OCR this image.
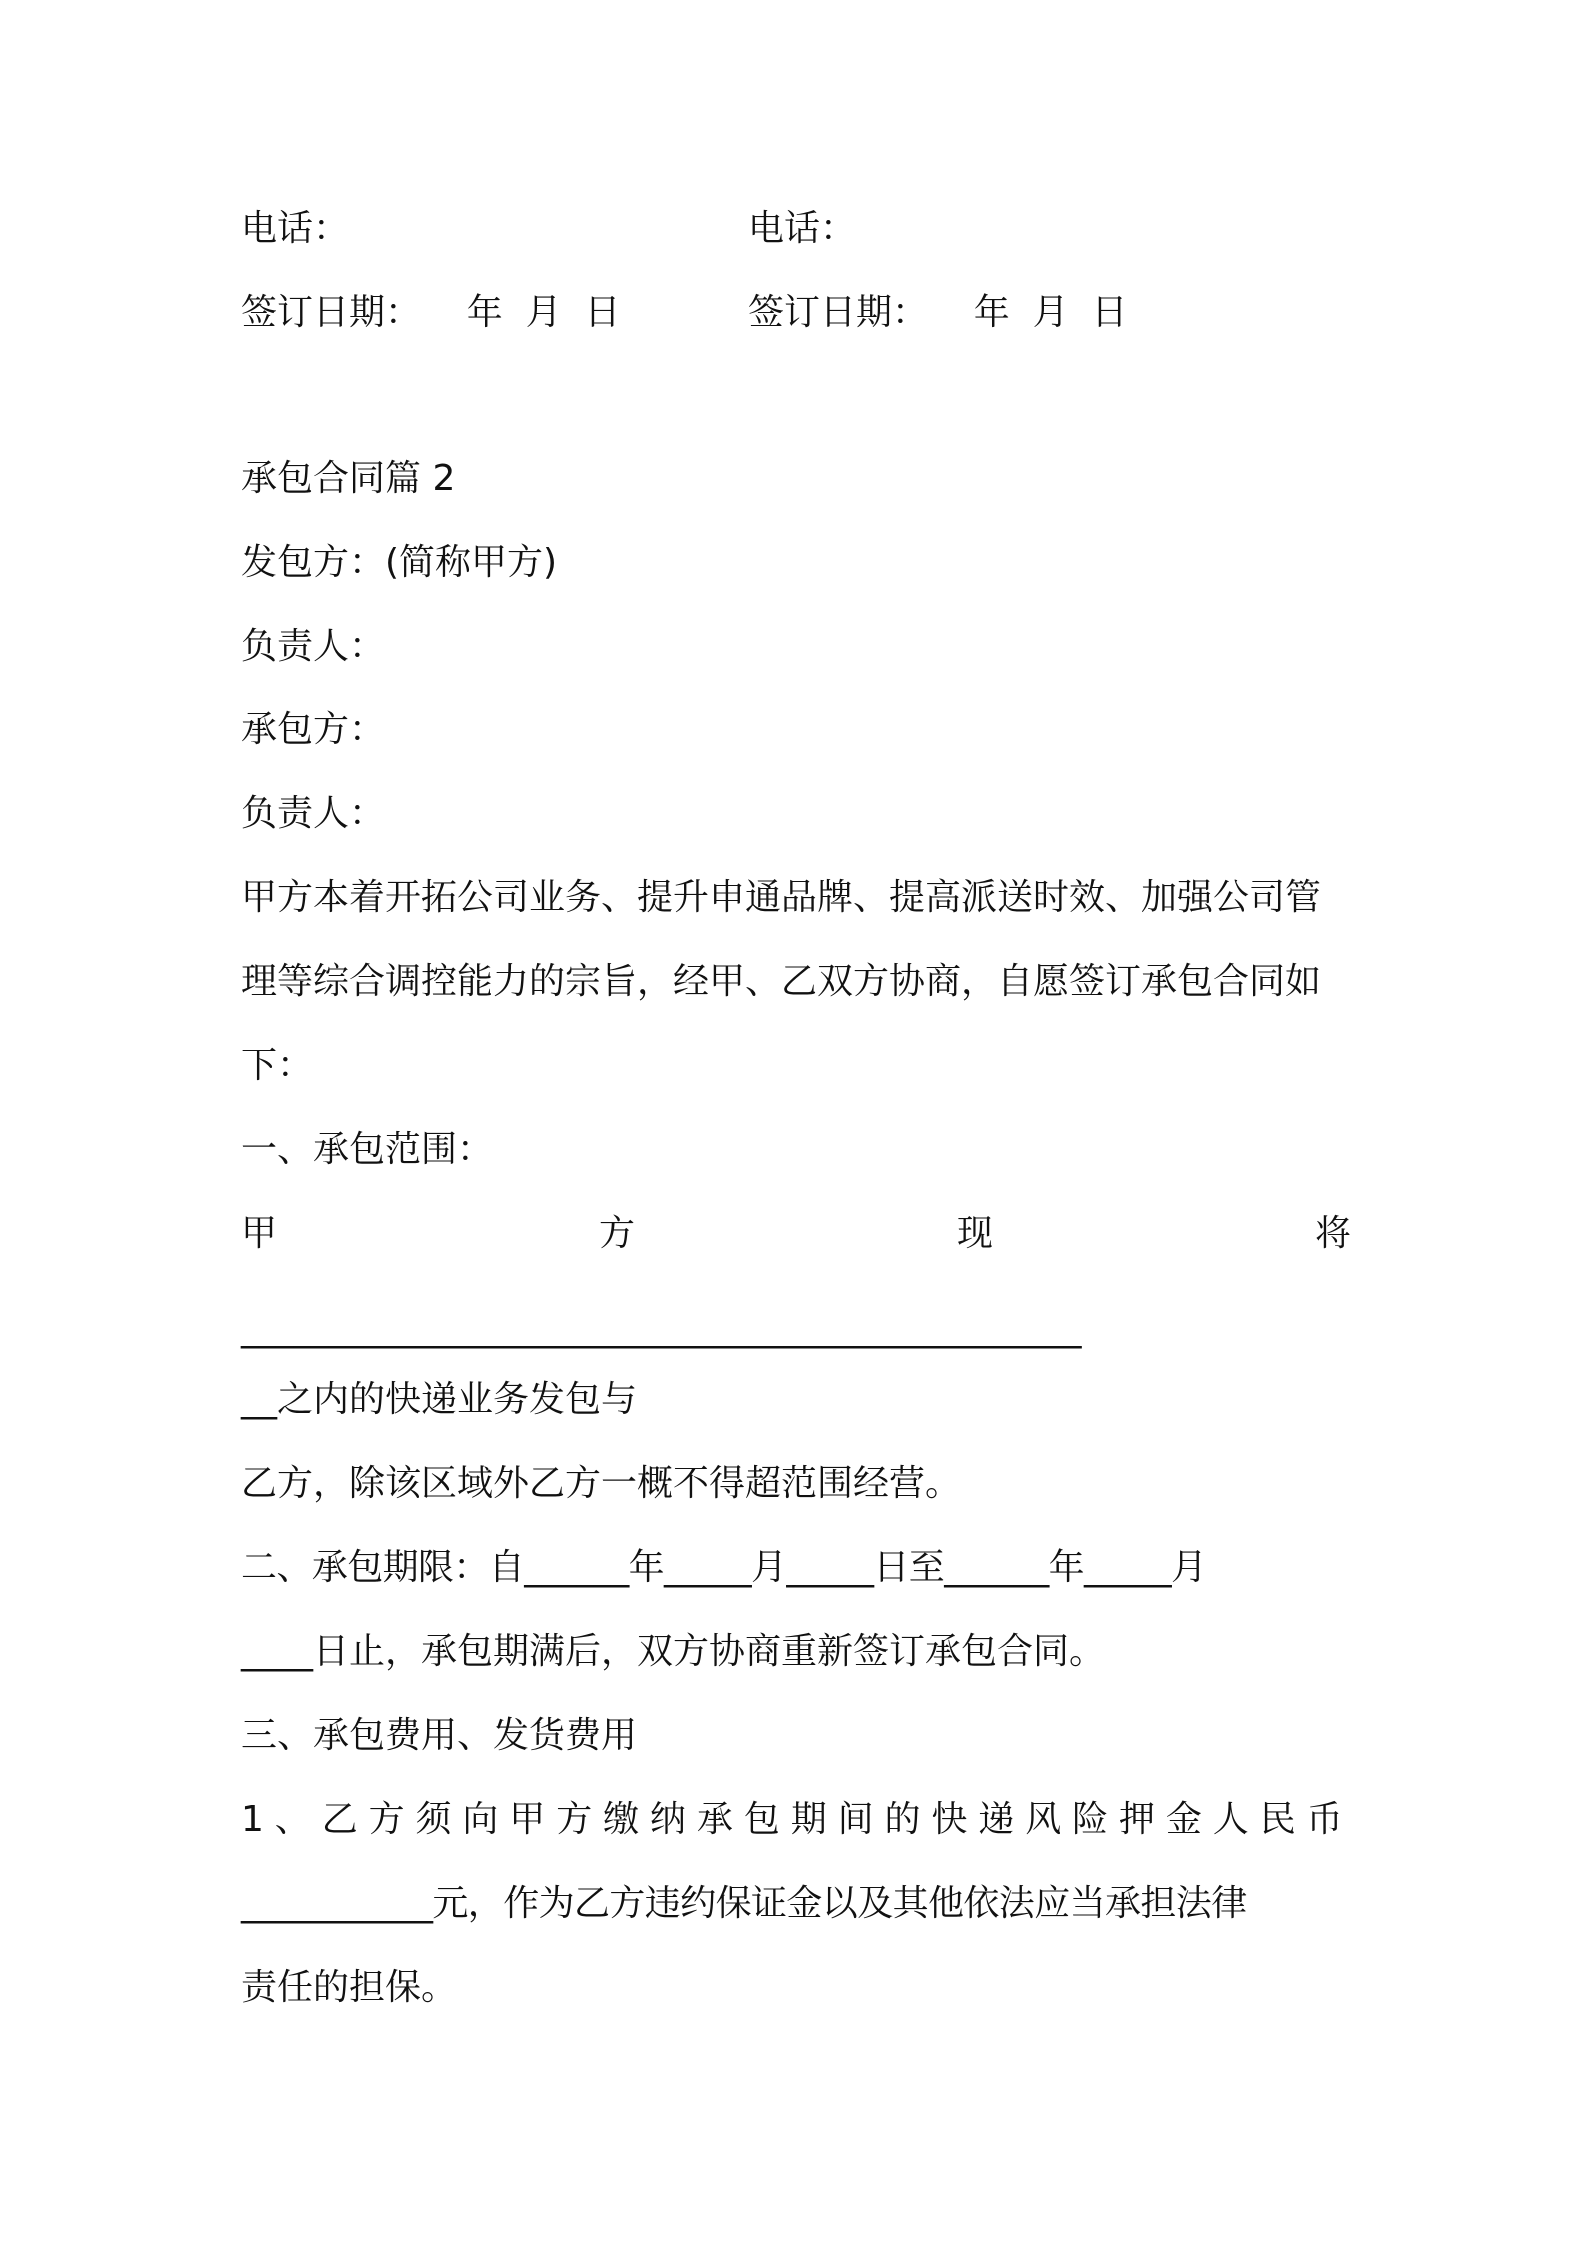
电话：	电话：
签订日期：    年  月  日	签订日期：    年  月  日
承包合同篇 2
发包方：(简称甲方)
负责人：
承包方：
负责人：
甲方本着开拓公司业务、提升申通品牌、提高派送时效、加强公司管
理等综合调控能力的宗旨，经甲、乙双方协商，自愿签订承包合同如
下：
一、承包范围：
甲	方	现	将
________________________________________________
__之内的快递业务发包与
乙方，除该区域外乙方一概不得超范围经营。
二、承包期限：自______年_____月_____日至______年_____月
____日止，承包期满后，双方协商重新签订承包合同。
三、承包费用、发货费用
1、乙方须向甲方缴纳承包期间的快递风险押金人民币
___________元，作为乙方违约保证金以及其他依法应当承担法律
责任的担保。
